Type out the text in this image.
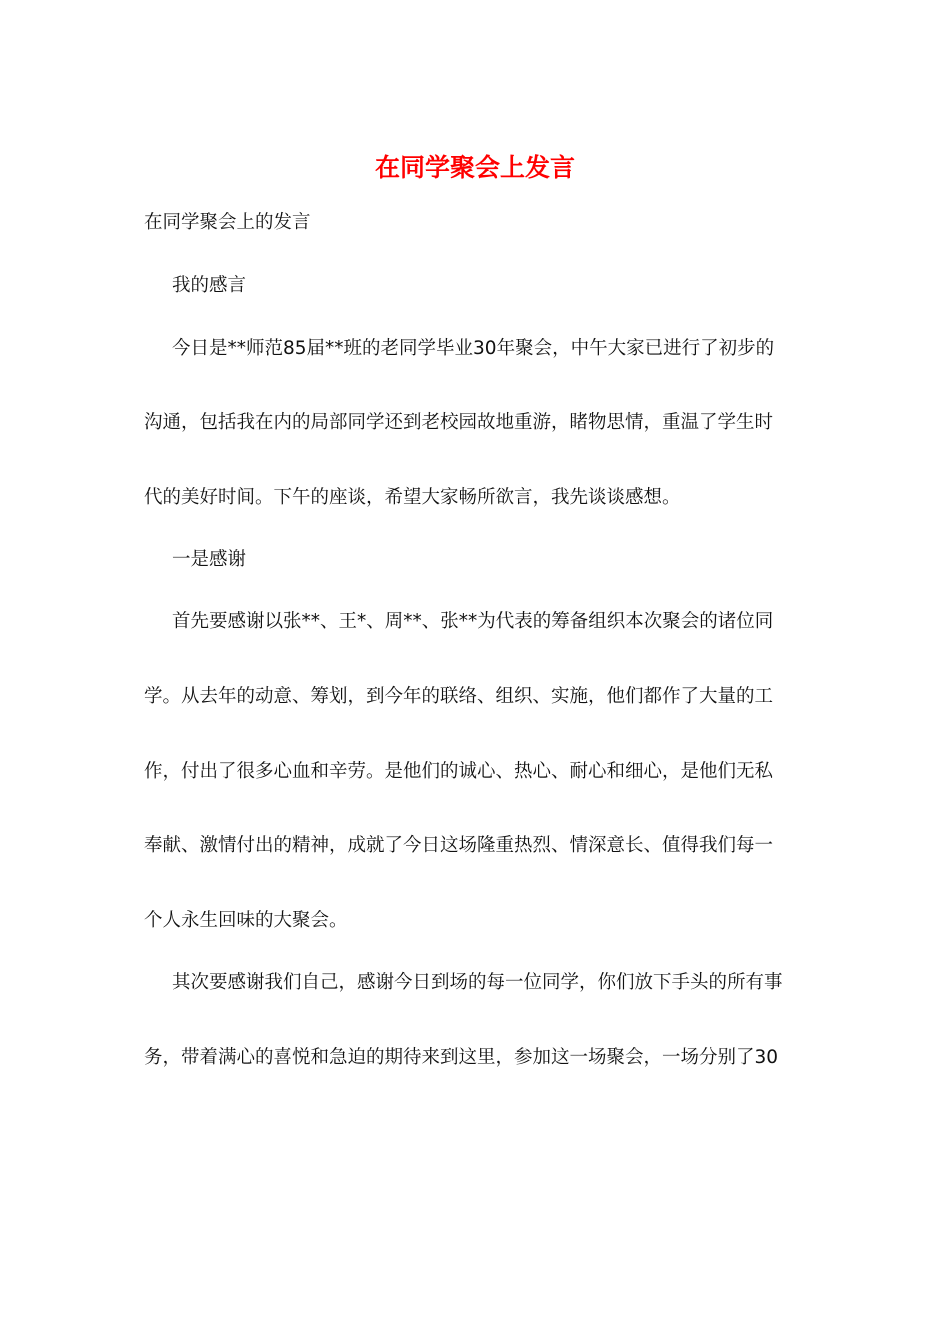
在同学聚会上发言
在同学聚会上的发言
我的感言
今日是**师范85届**班的老同学毕业30年聚会，中午大家已进行了初步的
沟通，包括我在内的局部同学还到老校园故地重游，睹物思情，重温了学生时
代的美好时间。下午的座谈，希望大家畅所欲言，我先谈谈感想。
一是感谢
首先要感谢以张**、王*、周**、张**为代表的筹备组织本次聚会的诸位同
学。从去年的动意、筹划，到今年的联络、组织、实施，他们都作了大量的工
作，付出了很多心血和辛劳。是他们的诚心、热心、耐心和细心，是他们无私
奉献、激情付出的精神，成就了今日这场隆重热烈、情深意长、值得我们每一
个人永生回味的大聚会。
其次要感谢我们自己，感谢今日到场的每一位同学，你们放下手头的所有事
务，带着满心的喜悦和急迫的期待来到这里，参加这一场聚会，一场分别了30
